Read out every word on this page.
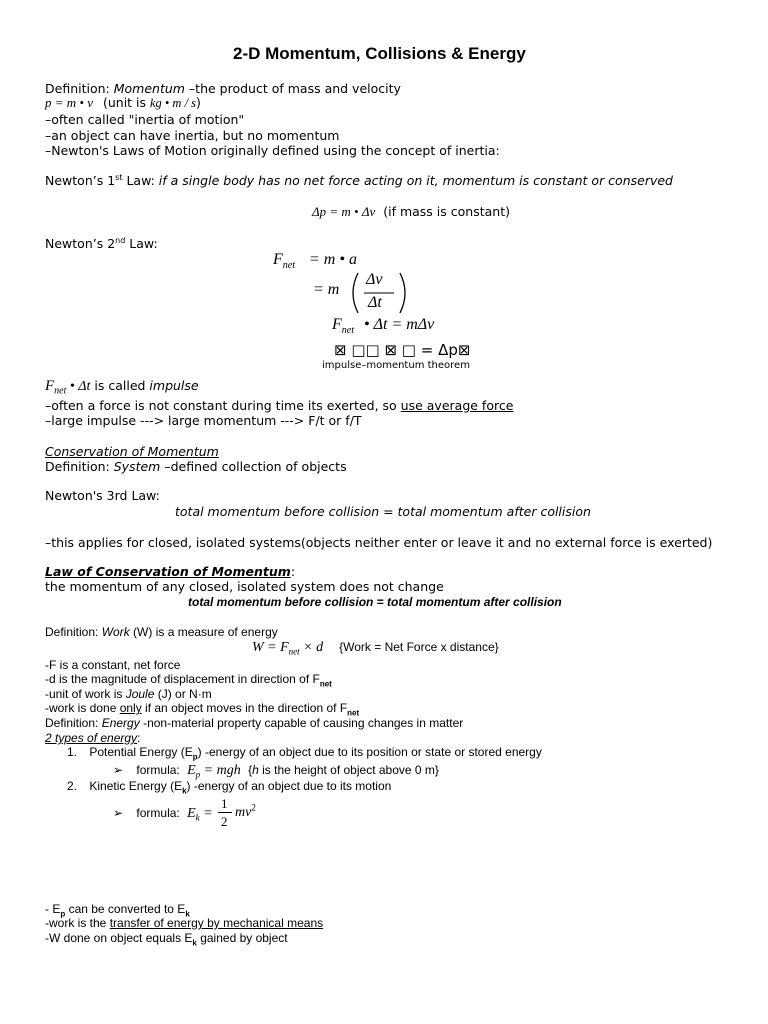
2-D Momentum, Collisions & Energy
Definition: Momentum –the product of mass and velocity
p = m • v (unit is kg • m / s)
–often called "inertia of motion"
–an object can have inertia, but no momentum
–Newton's Laws of Motion originally defined using the concept of inertia:
Newton’s 1st Law: if a single body has no net force acting on it, momentum is constant or conserved
Δp = m • Δv (if mass is constant)
Newton’s 2nd Law:
$F_{net} = m$ • a
= m
Δv
Δt
$F_{net}$ • Δt = mΔv
⊠ □□ ⊠ □ = Δp⊠
impulse–momentum theorem
$F_{net}$ • Δt is called impulse
–often a force is not constant during time its exerted, so use average force
–large impulse ---> large momentum ---> F/t or f/T
Conservation of Momentum
Definition: System –defined collection of objects
Newton's 3rd Law:
total momentum before collision = total momentum after collision
–this applies for closed, isolated systems(objects neither enter or leave it and no external force is exerted)
Law of Conservation of Momentum:
the momentum of any closed, isolated system does not change
total momentum before collision = total momentum after collision
Definition: Work (W) is a measure of energy
$W = F_{net} \times d$ {Work = Net Force x distance}
-F is a constant, net force
-d is the magnitude of displacement in direction of $F_{net}$
-unit of work is Joule (J) or N·m
-work is done only if an object moves in the direction of $F_{net}$
Definition: Energy -non-material property capable of causing changes in matter
2 types of energy:
1. Potential Energy $(E_p)$ -energy of an object due to its position or state or stored energy
➢ formula: $E_p$ = mgh {h is the height of object above 0 m}
2. Kinetic Energy $(E_k)$ -energy of an object due to its motion
➢ formula: $E_k$ =
1
2
$mv^2$
- $E_p$ can be converted to $E_k$
-work is the transfer of energy by mechanical means
-W done on object equals $E_k$ gained by object
